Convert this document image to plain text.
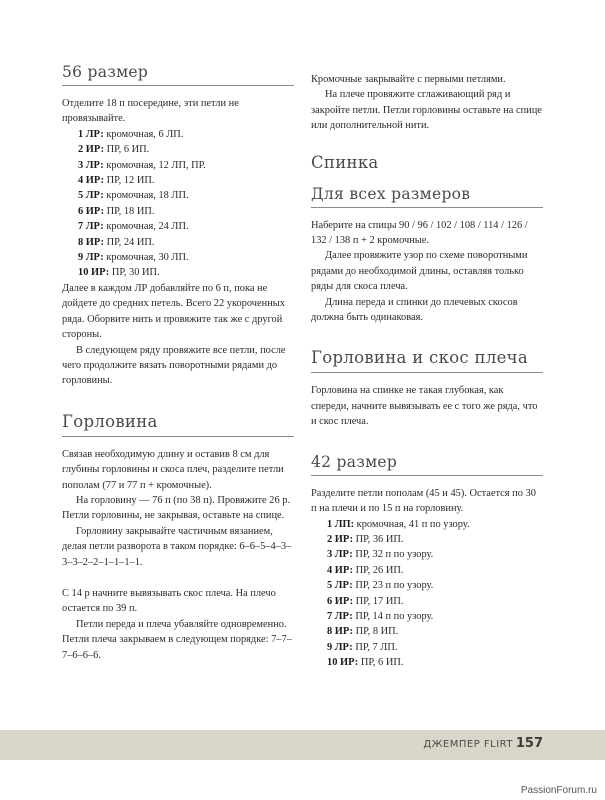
56 размер

Отделите 18 п посередине, эти петли не провязывайте.

1 ЛР: кромочная, 6 ЛП.
2 ИР: ПР, 6 ИП.
3 ЛР: кромочная, 12 ЛП, ПР.
4 ИР: ПР, 12 ИП.
5 ЛР: кромочная, 18 ЛП.
6 ИР: ПР, 18 ИП.
7 ЛР: кромочная, 24 ЛП.
8 ИР: ПР, 24 ИП.
9 ЛР: кромочная, 30 ЛП.
10 ИР: ПР, 30 ИП.

Далее в каждом ЛР добавляйте по 6 п, пока не дойдете до средних петель. Всего 22 укороченных ряда. Оборвите нить и провяжите так же с другой стороны.

В следующем ряду провяжите все петли, после чего продолжите вязать поворотными рядами до горловины.

Горловина

Связав необходимую длину и оставив 8 см для глубины горловины и скоса плеч, разделите петли пополам (77 и 77 п + кромочные).

На горловину — 76 п (по 38 п). Провяжите 26 р. Петли горловины, не закрывая, оставьте на спице.

Горловину закрывайте частичным вязанием, делая петли разворота в таком порядке: 6–6–5–4–3–3–3–2–2–1–1–1–1.

С 14 р начните вывязывать скос плеча. На плечо остается по 39 п.

Петли переда и плеча убавляйте одновременно. Петли плеча закрываем в следующем порядке: 7–7–7–6–6–6.

Кромочные закрывайте с первыми петлями.

На плече провяжите сглаживающий ряд и закройте петли. Петли горловины оставьте на спице или дополнительной нити.

Спинка
Для всех размеров

Наберите на спицы 90 / 96 / 102 / 108 / 114 / 126 / 132 / 138 п + 2 кромочные.

Далее провяжите узор по схеме поворотными рядами до необходимой длины, оставляя только ряды для скоса плеча.

Длина переда и спинки до плечевых скосов должна быть одинаковая.

Горловина и скос плеча

Горловина на спинке не такая глубокая, как спереди, начните вывязывать ее с того же ряда, что и скос плеча.

42 размер

Разделите петли пополам (45 и 45). Остается по 30 п на плечи и по 15 п на горловину.

1 ЛП: кромочная, 41 п по узору.
2 ИР: ПР, 36 ИП.
3 ЛР: ПР, 32 п по узору.
4 ИР: ПР, 26 ИП.
5 ЛР: ПР, 23 п по узору.
6 ИР: ПР, 17 ИП.
7 ЛР: ПР, 14 п по узору.
8 ИР: ПР, 8 ИП.
9 ЛР: ПР, 7 ЛП.
10 ИР: ПР, 6 ИП.
ДЖЕМПЕР FLIRT 157
PassionForum.ru
